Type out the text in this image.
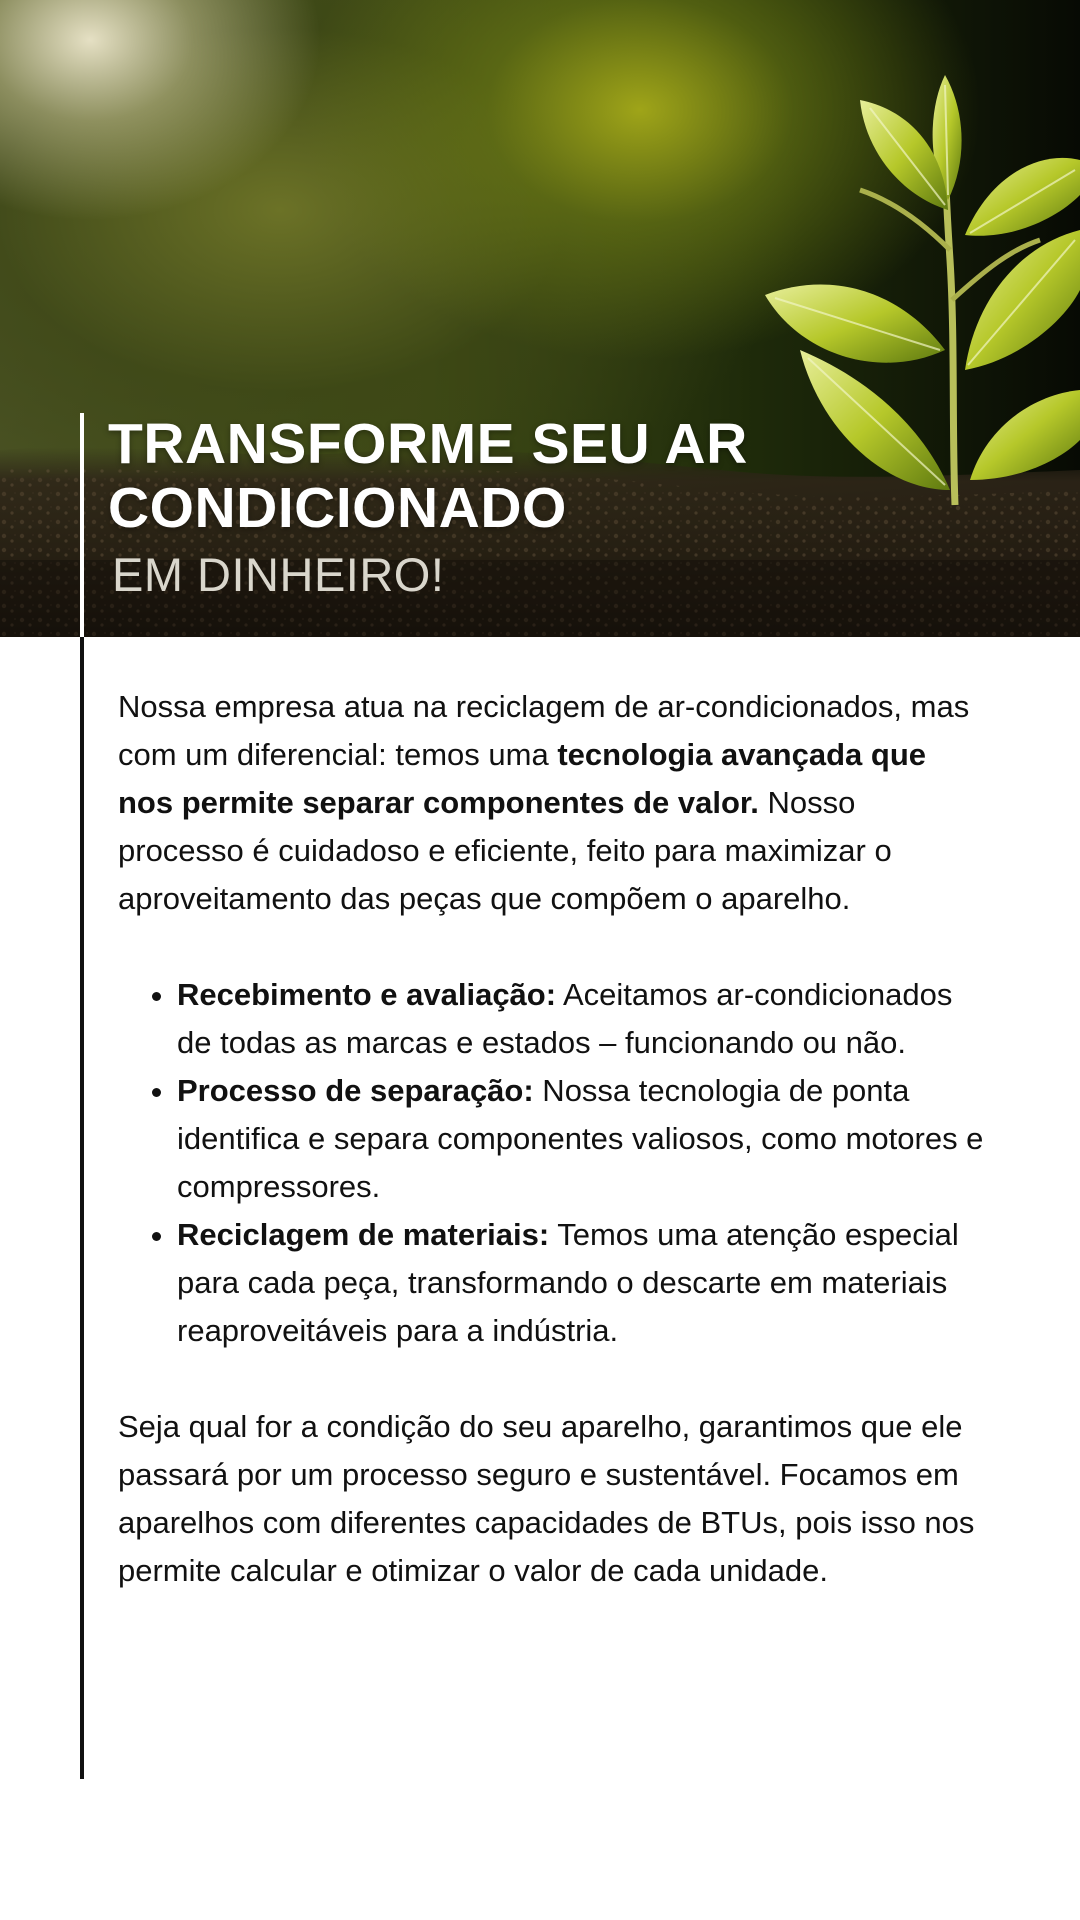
TRANSFORME SEU AR
CONDICIONADO

EM DINHEIRO!

Nossa empresa atua na reciclagem de ar-condicionados, mas com um diferencial: temos uma tecnologia avançada que nos permite separar componentes de valor. Nosso processo é cuidadoso e eficiente, feito para maximizar o aproveitamento das peças que compõem o aparelho.

• Recebimento e avaliação: Aceitamos ar-condicionados de todas as marcas e estados – funcionando ou não.
• Processo de separação: Nossa tecnologia de ponta identifica e separa componentes valiosos, como motores e compressores.
• Reciclagem de materiais: Temos uma atenção especial para cada peça, transformando o descarte em materiais reaproveitáveis para a indústria.

Seja qual for a condição do seu aparelho, garantimos que ele passará por um processo seguro e sustentável. Focamos em aparelhos com diferentes capacidades de BTUs, pois isso nos permite calcular e otimizar o valor de cada unidade.
